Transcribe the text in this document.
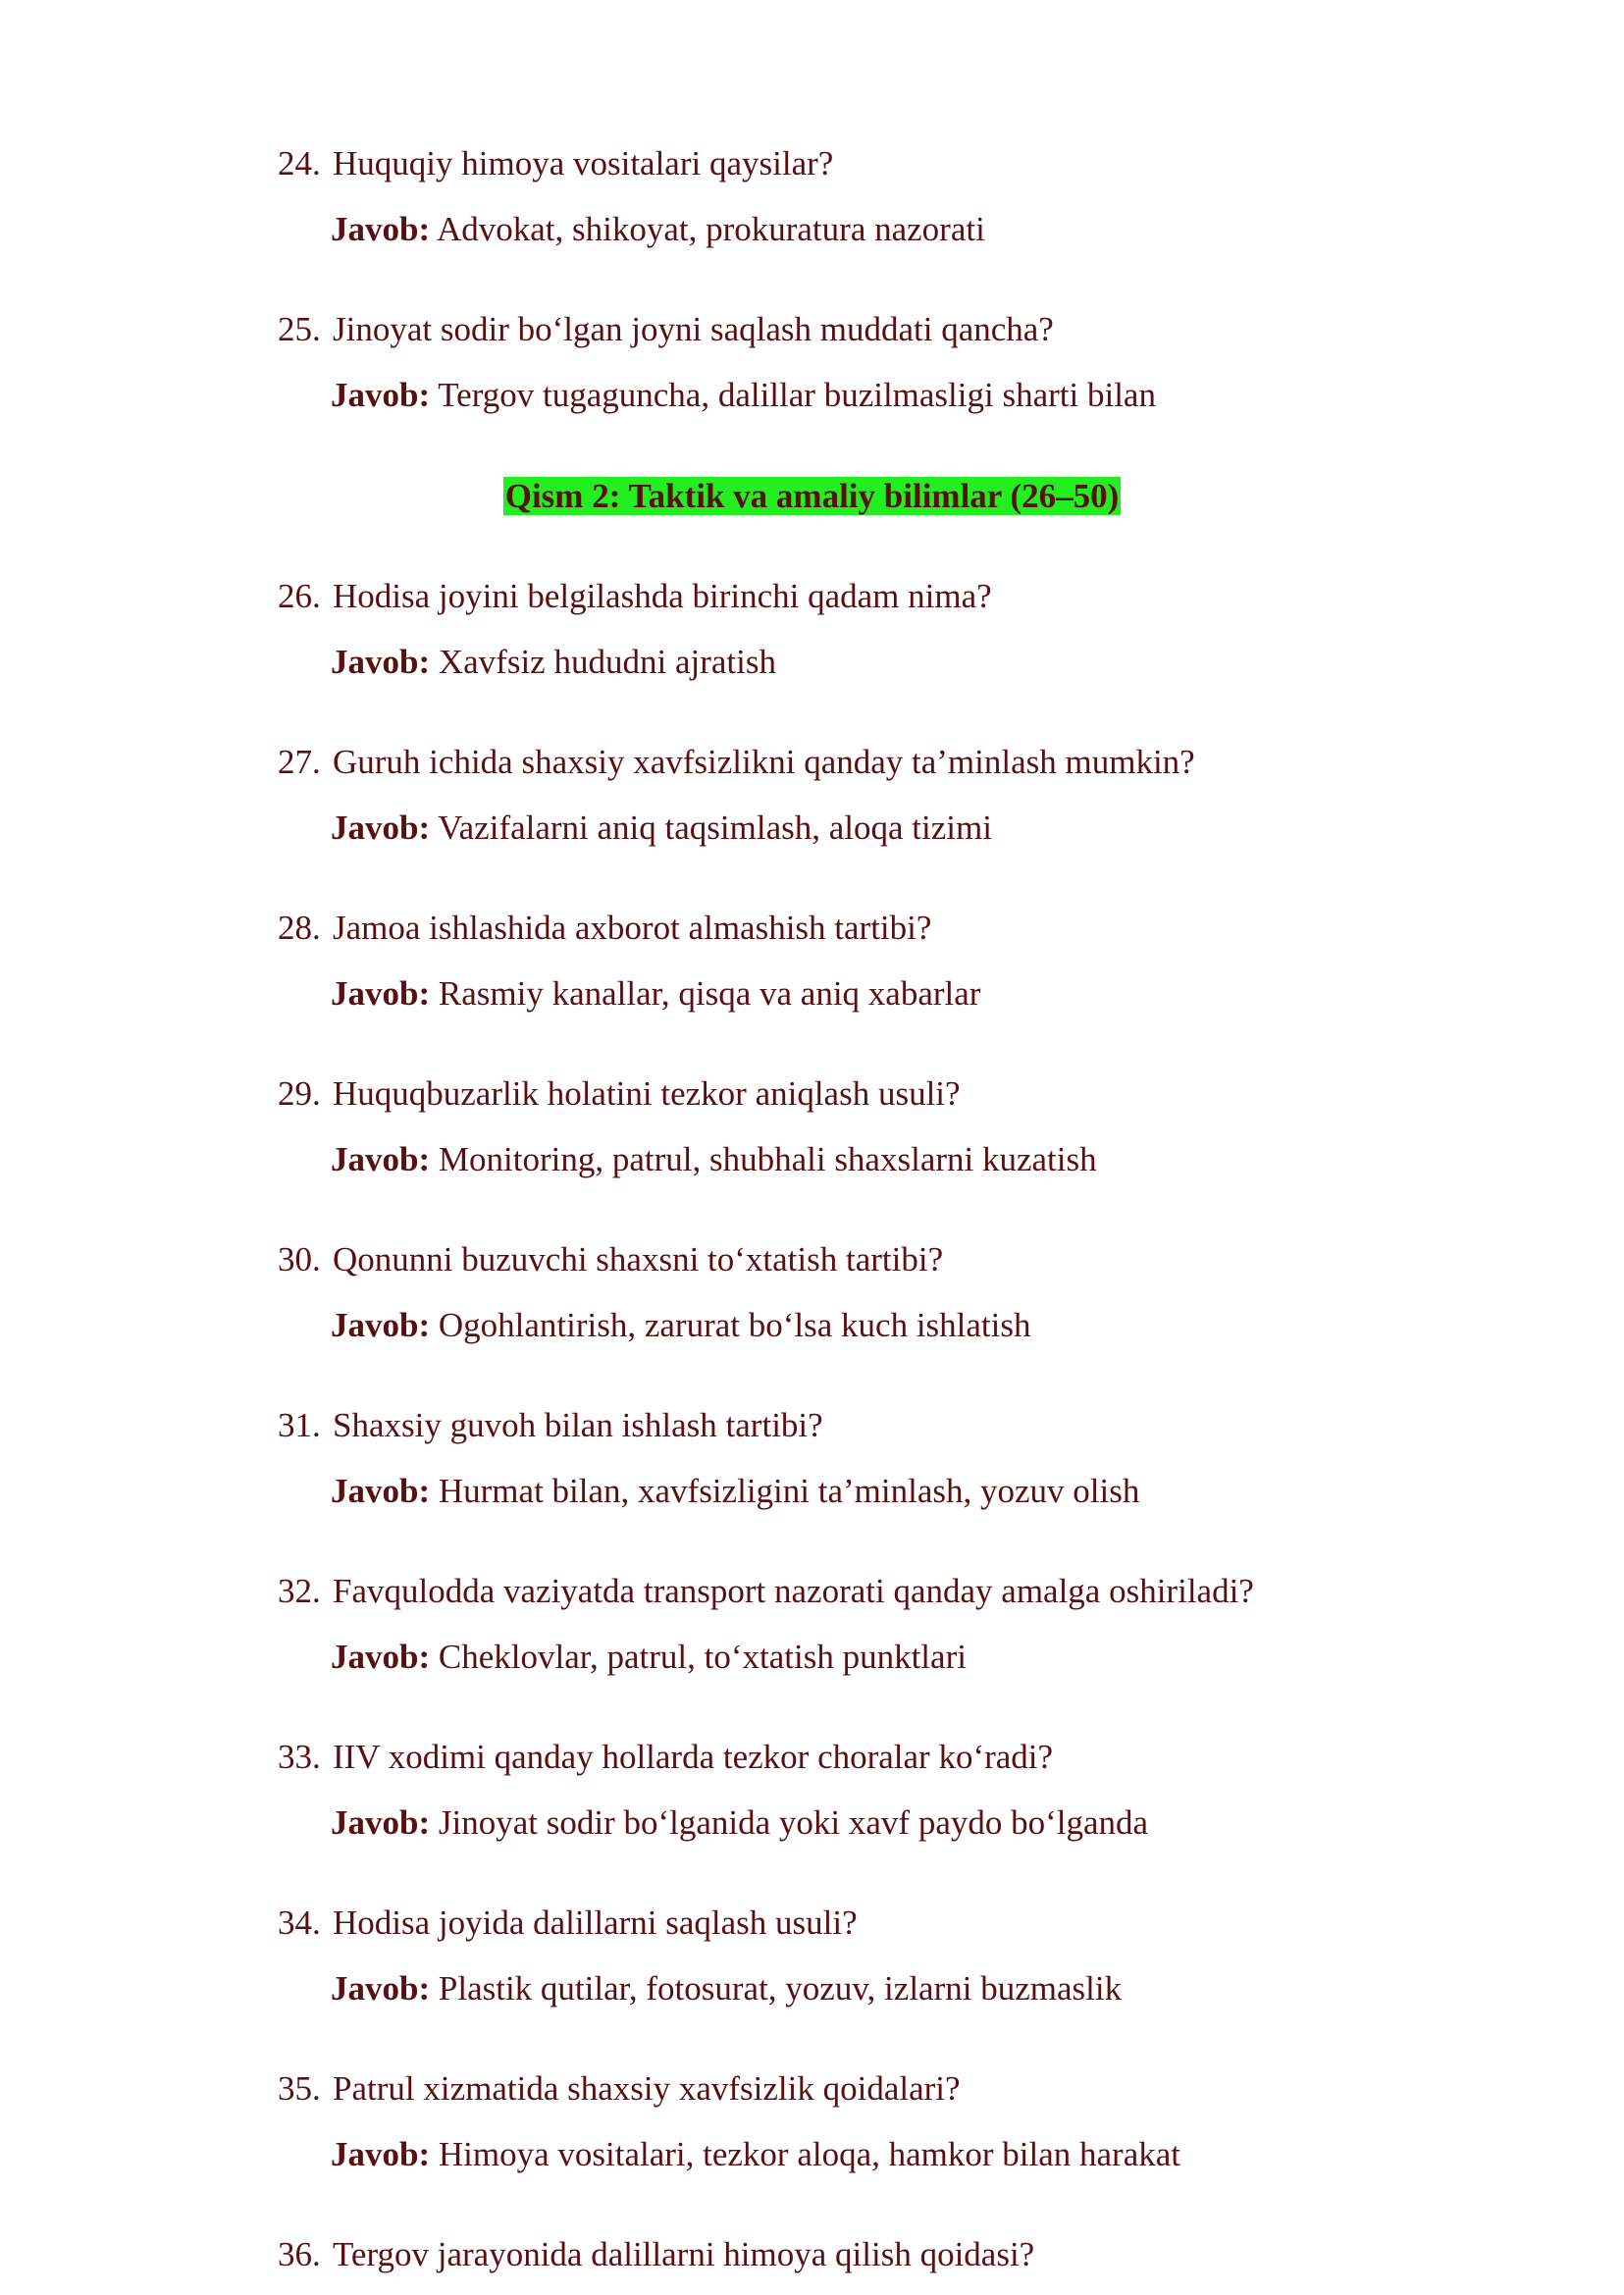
24. Huquqiy himoya vositalari qaysilar?
Javob: Advokat, shikoyat, prokuratura nazorati
25. Jinoyat sodir boʻlgan joyni saqlash muddati qancha?
Javob: Tergov tugaguncha, dalillar buzilmasligi sharti bilan
Qism 2: Taktik va amaliy bilimlar (26–50)
26. Hodisa joyini belgilashda birinchi qadam nima?
Javob: Xavfsiz hududni ajratish
27. Guruh ichida shaxsiy xavfsizlikni qanday ta’minlash mumkin?
Javob: Vazifalarni aniq taqsimlash, aloqa tizimi
28. Jamoa ishlashida axborot almashish tartibi?
Javob: Rasmiy kanallar, qisqa va aniq xabarlar
29. Huquqbuzarlik holatini tezkor aniqlash usuli?
Javob: Monitoring, patrul, shubhali shaxslarni kuzatish
30. Qonunni buzuvchi shaxsni toʻxtatish tartibi?
Javob: Ogohlantirish, zarurat boʻlsa kuch ishlatish
31. Shaxsiy guvoh bilan ishlash tartibi?
Javob: Hurmat bilan, xavfsizligini ta’minlash, yozuv olish
32. Favqulodda vaziyatda transport nazorati qanday amalga oshiriladi?
Javob: Cheklovlar, patrul, toʻxtatish punktlari
33. IIV xodimi qanday hollarda tezkor choralar koʻradi?
Javob: Jinoyat sodir boʻlganida yoki xavf paydo boʻlganda
34. Hodisa joyida dalillarni saqlash usuli?
Javob: Plastik qutilar, fotosurat, yozuv, izlarni buzmaslik
35. Patrul xizmatida shaxsiy xavfsizlik qoidalari?
Javob: Himoya vositalari, tezkor aloqa, hamkor bilan harakat
36. Tergov jarayonida dalillarni himoya qilish qoidasi?
